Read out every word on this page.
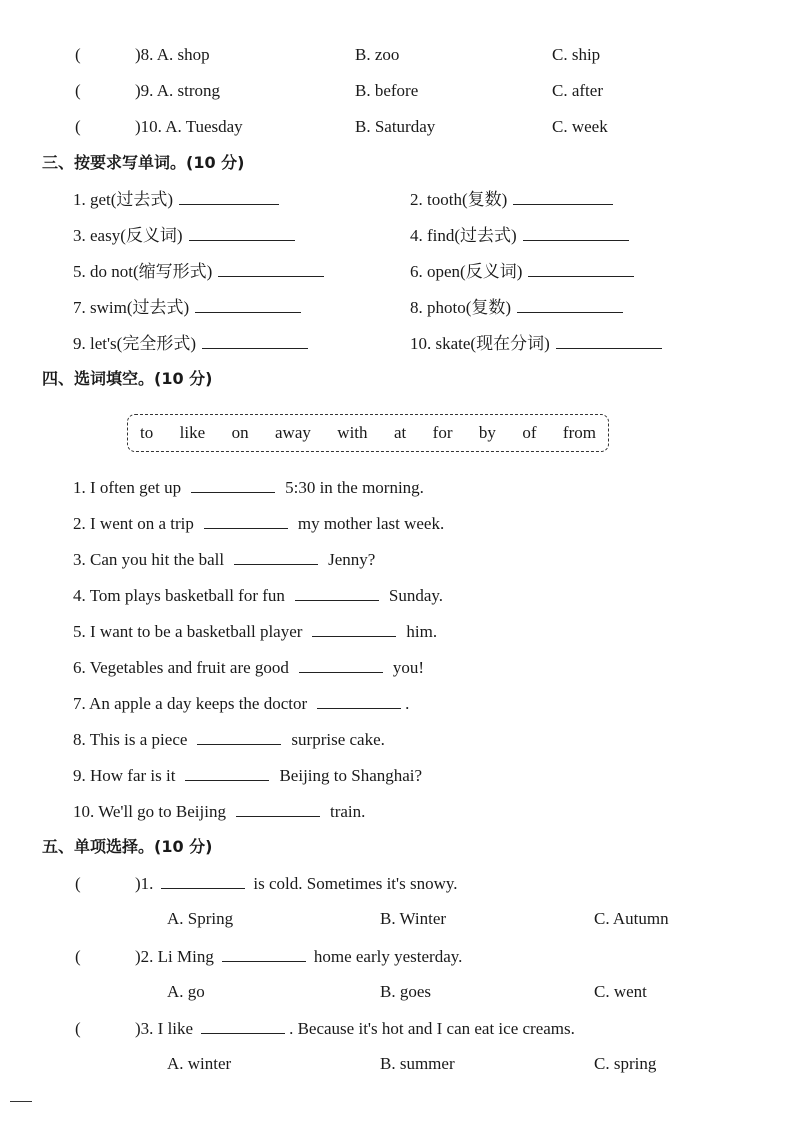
(	)8. A. shop	B. zoo	C. ship
(	)9. A. strong	B. before	C. after
(	)10. A. Tuesday	B. Saturday	C. week
三、按要求写单词。(10 分)
1. get(过去式)	2. tooth(复数)
3. easy(反义词)	4. find(过去式)
5. do not(缩写形式)	6. open(反义词)
7. swim(过去式)	8. photo(复数)
9. let's(完全形式)	10. skate(现在分词)
四、选词填空。(10 分)
to like on away with at for by of from
1. I often get up	5:30 in the morning.
2. I went on a trip	my mother last week.
3. Can you hit the ball	Jenny?
4. Tom plays basketball for fun	Sunday.
5. I want to be a basketball player	him.
6. Vegetables and fruit are good	you!
7. An apple a day keeps the doctor	.
8. This is a piece	surprise cake.
9. How far is it	Beijing to Shanghai?
10. We'll go to Beijing	train.
五、单项选择。(10 分)
(	)1.	is cold. Sometimes it's snowy.
A. Spring	B. Winter	C. Autumn
(	)2. Li Ming	home early yesterday.
A. go	B. goes	C. went
(	)3. I like	. Because it's hot and I can eat ice creams.
A. winter	B. summer	C. spring
